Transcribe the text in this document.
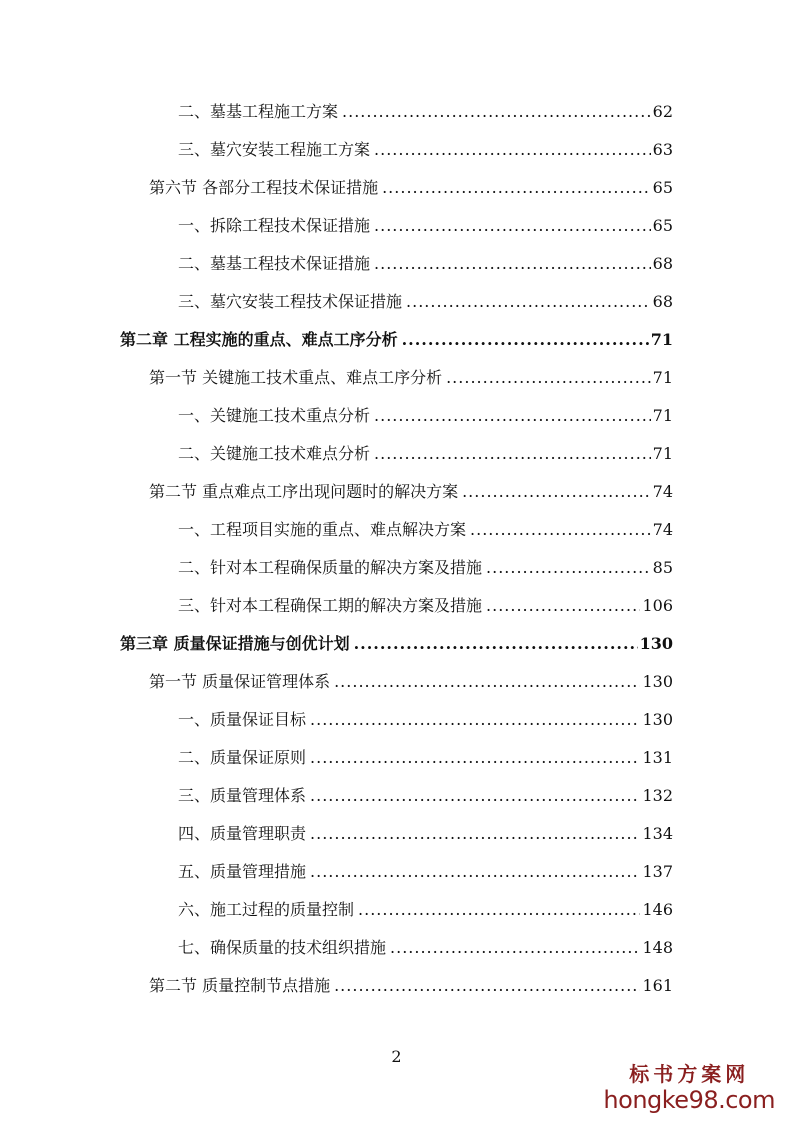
二、墓基工程施工方案 .....	62
三、墓穴安装工程施工方案 .....	63
第六节 各部分工程技术保证措施 .....	65
一、拆除工程技术保证措施 .....	65
二、墓基工程技术保证措施 .....	68
三、墓穴安装工程技术保证措施 .....	68
第二章 工程实施的重点、难点工序分析 .....	71
第一节 关键施工技术重点、难点工序分析 .....	71
一、关键施工技术重点分析 .....	71
二、关键施工技术难点分析 .....	71
第二节 重点难点工序出现问题时的解决方案 .....	74
一、工程项目实施的重点、难点解决方案 .....	74
二、针对本工程确保质量的解决方案及措施 .....	85
三、针对本工程确保工期的解决方案及措施 .....	106
第三章 质量保证措施与创优计划 .....	130
第一节 质量保证管理体系 .....	130
一、质量保证目标 .....	130
二、质量保证原则 .....	131
三、质量管理体系 .....	132
四、质量管理职责 .....	134
五、质量管理措施 .....	137
六、施工过程的质量控制 .....	146
七、确保质量的技术组织措施 .....	148
第二节 质量控制节点措施 .....	161
2
标书方案网
hongke98.com
